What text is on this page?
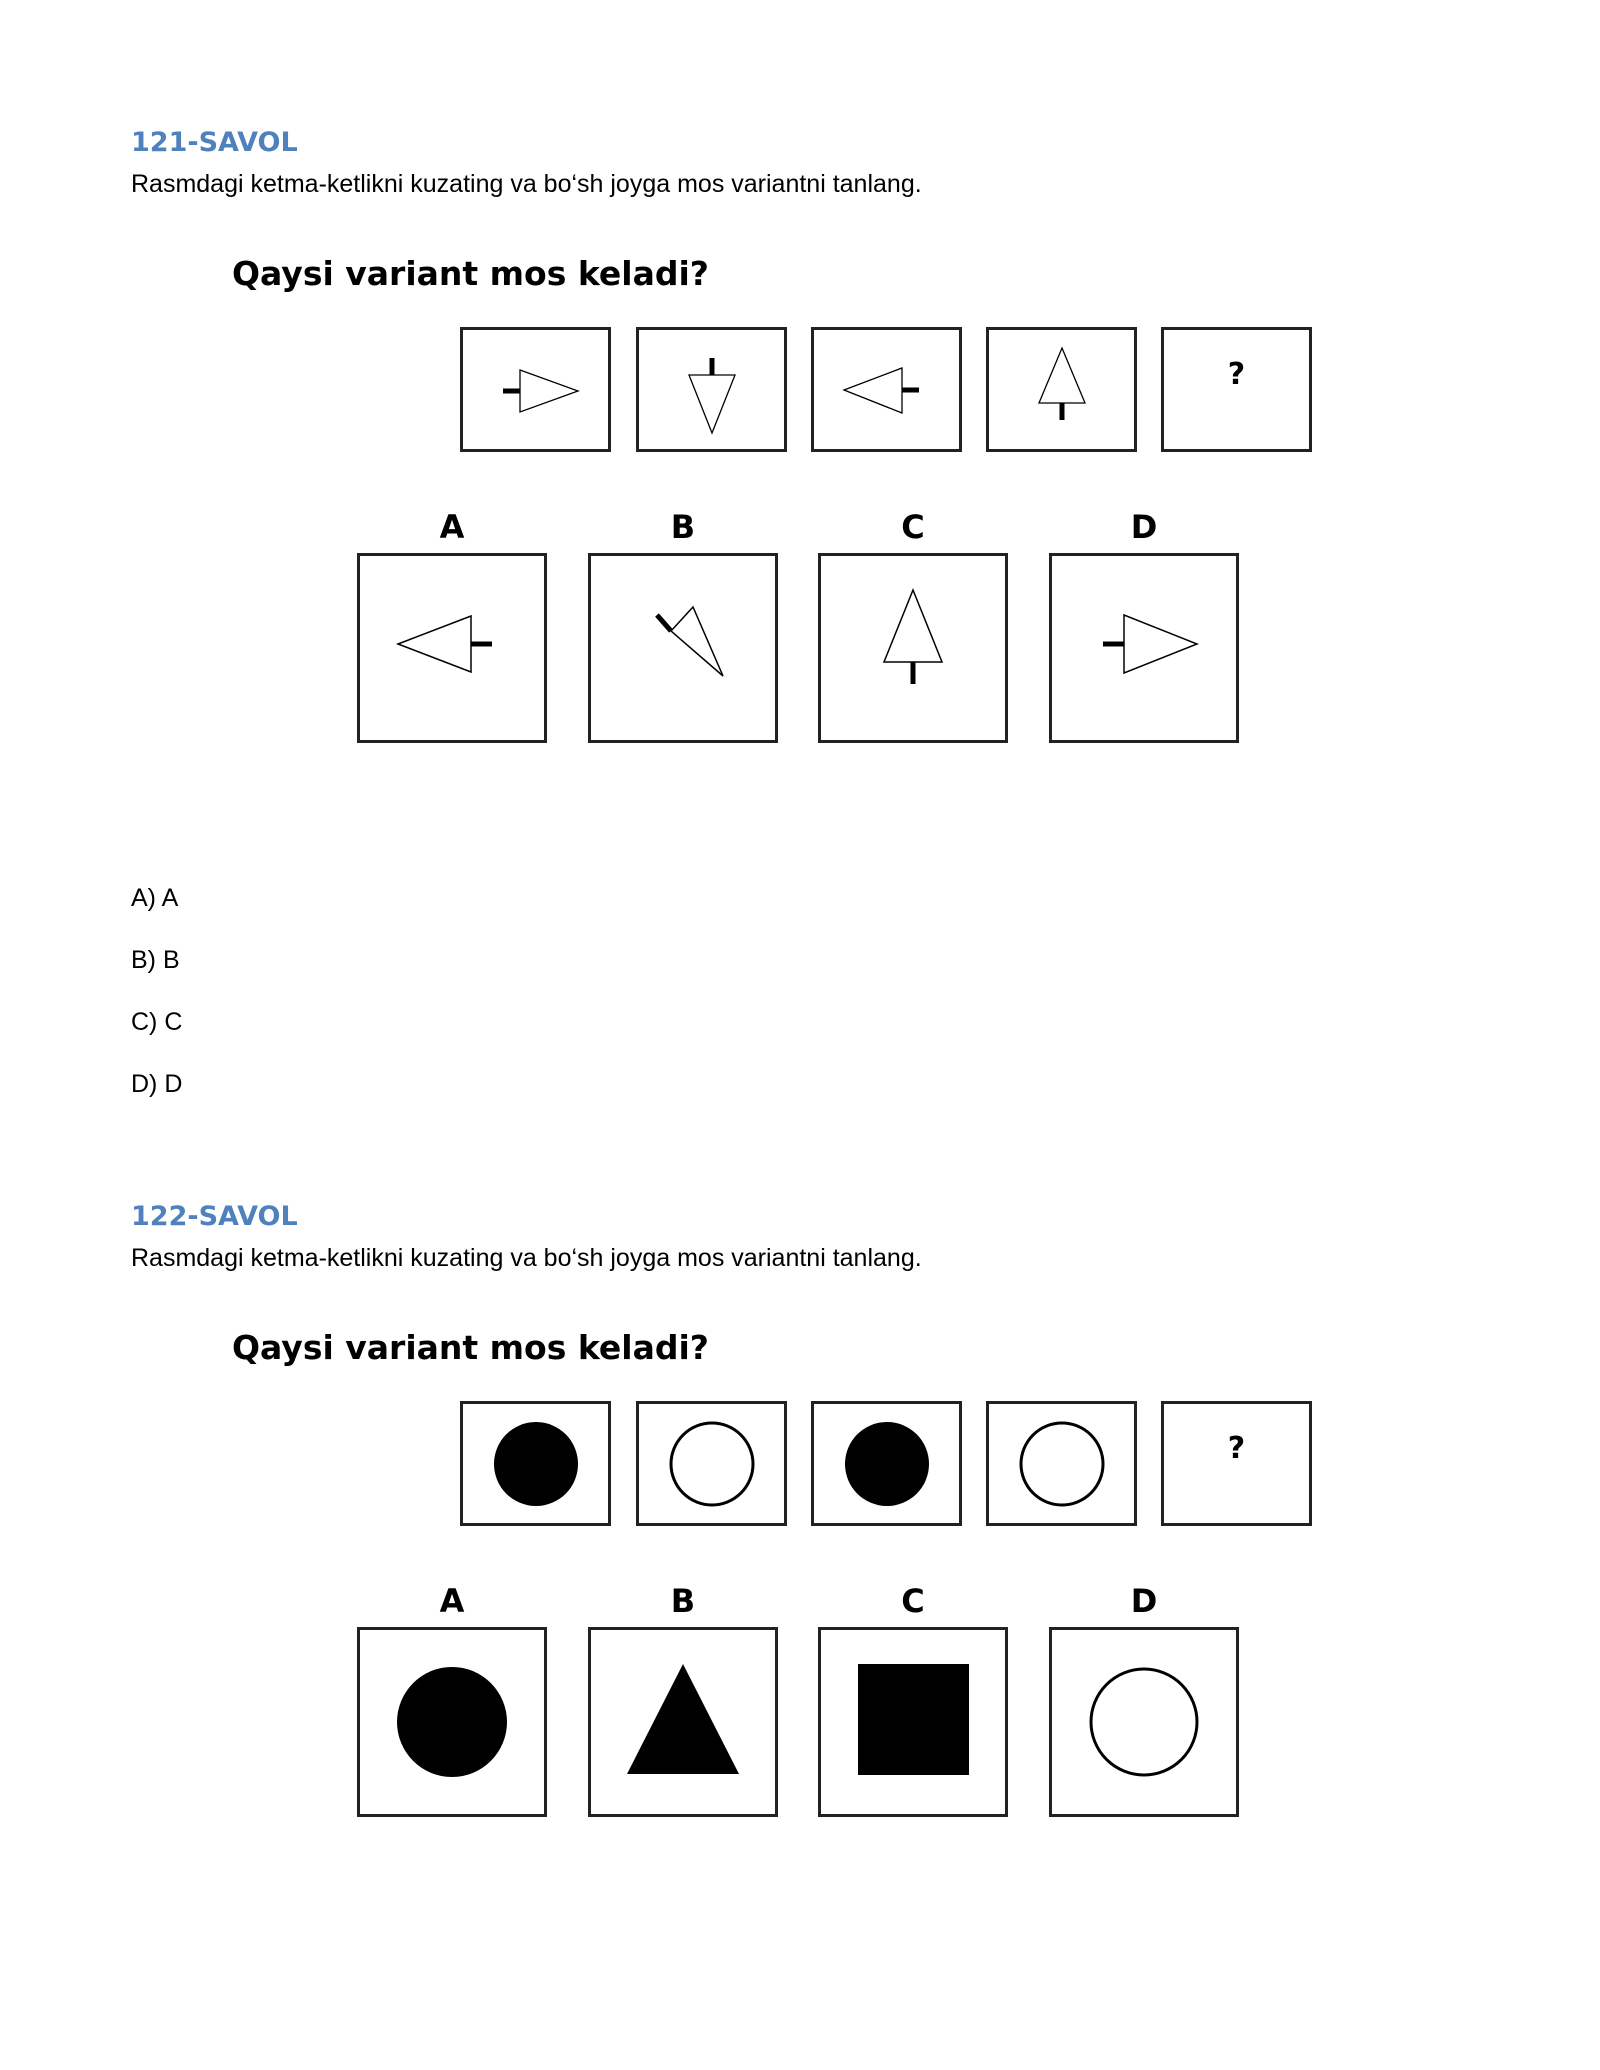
121-SAVOL

Rasmdagi ketma-ketlikni kuzating va bo‘sh joyga mos variantni tanlang.

Qaysi variant mos keladi?
?
A	B	C	D
A) A
B) B
C) C
D) D
122-SAVOL

Rasmdagi ketma-ketlikni kuzating va bo‘sh joyga mos variantni tanlang.

Qaysi variant mos keladi?
?
A	B	C	D
